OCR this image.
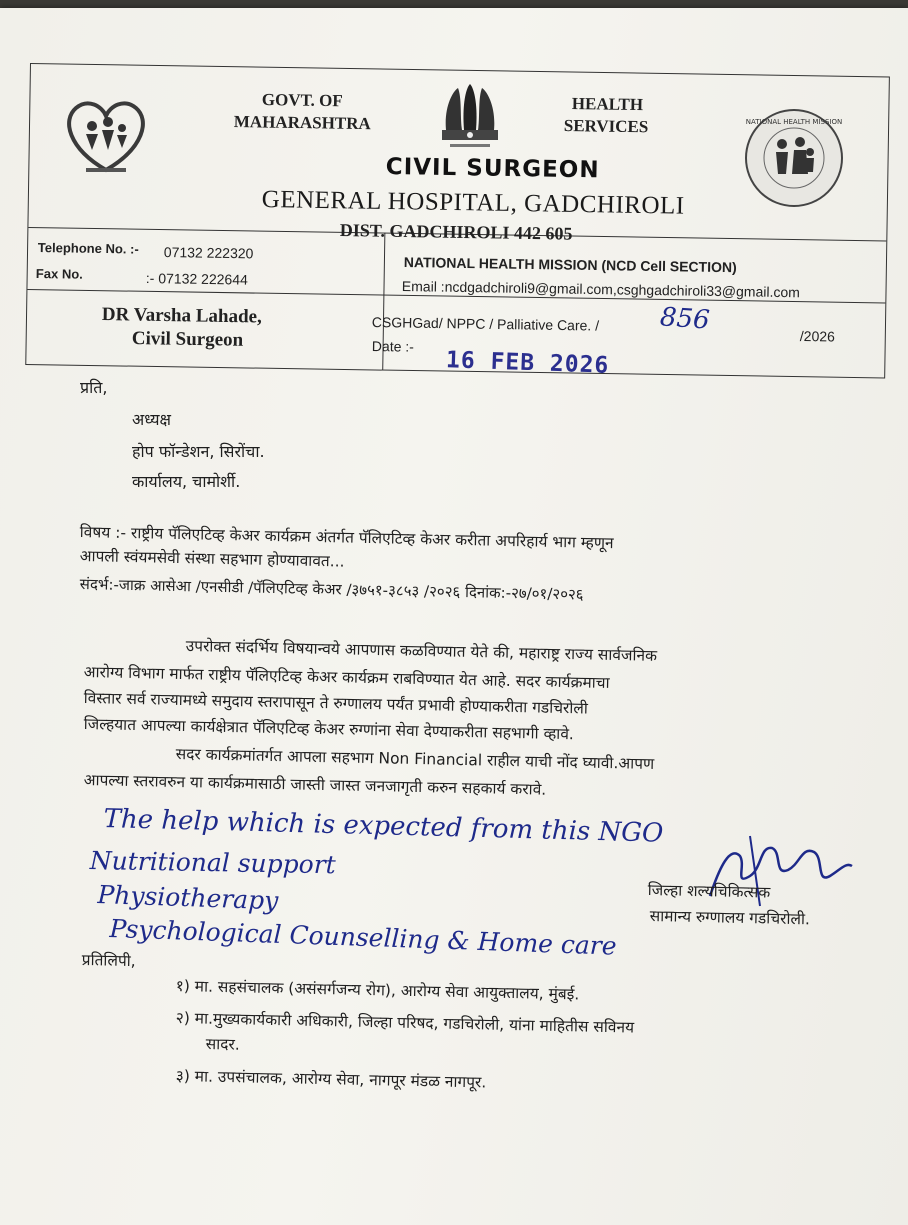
NATIONAL HEALTH MISSION
GOVT. OF
MAHARASHTRA
HEALTH
SERVICES
CIVIL SURGEON
GENERAL HOSPITAL, GADCHIROLI
DIST. GADCHIROLI 442 605
Telephone No. :- 07132 222320
Fax No.	:- 07132 222644
NATIONAL HEALTH MISSION (NCD Cell SECTION)
Email :ncdgadchiroli9@gmail.com,csghgadchiroli33@gmail.com
DR Varsha Lahade,
Civil Surgeon
CSGHGad/ NPPC / Palliative Care. / 856
/2026
Date :-
16 FEB 2026
प्रति,
अध्यक्ष
होप फॉन्डेशन, सिरोंचा.
कार्यालय, चामोर्शी.
विषय :- राष्ट्रीय पॅलिएटिव्ह केअर कार्यक्रम अंतर्गत पॅलिएटिव्ह केअर करीता अपरिहार्य भाग म्हणून
आपली स्वंयमसेवी संस्था सहभाग होण्यावावत...
संदर्भ:-जाक्र आसेआ /एनसीडी /पॅलिएटिव्ह केअर /३७५१-३८५३ /२०२६ दिनांक:-२७/०१/२०२६
उपरोक्त संदर्भिय विषयान्वये आपणास कळविण्यात येते की, महाराष्ट्र राज्य सार्वजनिक
आरोग्य विभाग मार्फत राष्ट्रीय पॅलिएटिव्ह केअर कार्यक्रम राबविण्यात येत आहे. सदर कार्यक्रमाचा
विस्तार सर्व राज्यामध्ये समुदाय स्तरापासून ते रुग्णालय पर्यंत प्रभावी होण्याकरीता गडचिरोली
जिल्हयात आपल्या कार्यक्षेत्रात पॅलिएटिव्ह केअर रुग्णांना सेवा देण्याकरीता सहभागी व्हावे.
सदर कार्यक्रमांतर्गत आपला सहभाग Non Financial राहील याची नोंद घ्यावी.आपण
आपल्या स्तरावरुन या कार्यक्रमासाठी जास्ती जास्त जनजागृती करुन सहकार्य करावे.
The help which is expected from this NGO
Nutritional support
Physiotherapy
Psychological Counselling & Home care
जिल्हा शल्यचिकित्सक
सामान्य रुग्णालय गडचिरोली.
प्रतिलिपी,
१) मा. सहसंचालक (असंसर्गजन्य रोग), आरोग्य सेवा आयुक्तालय, मुंबई.
२) मा.मुख्यकार्यकारी अधिकारी, जिल्हा परिषद, गडचिरोली, यांना माहितीस सविनय
सादर.
३) मा. उपसंचालक, आरोग्य सेवा, नागपूर मंडळ नागपूर.
